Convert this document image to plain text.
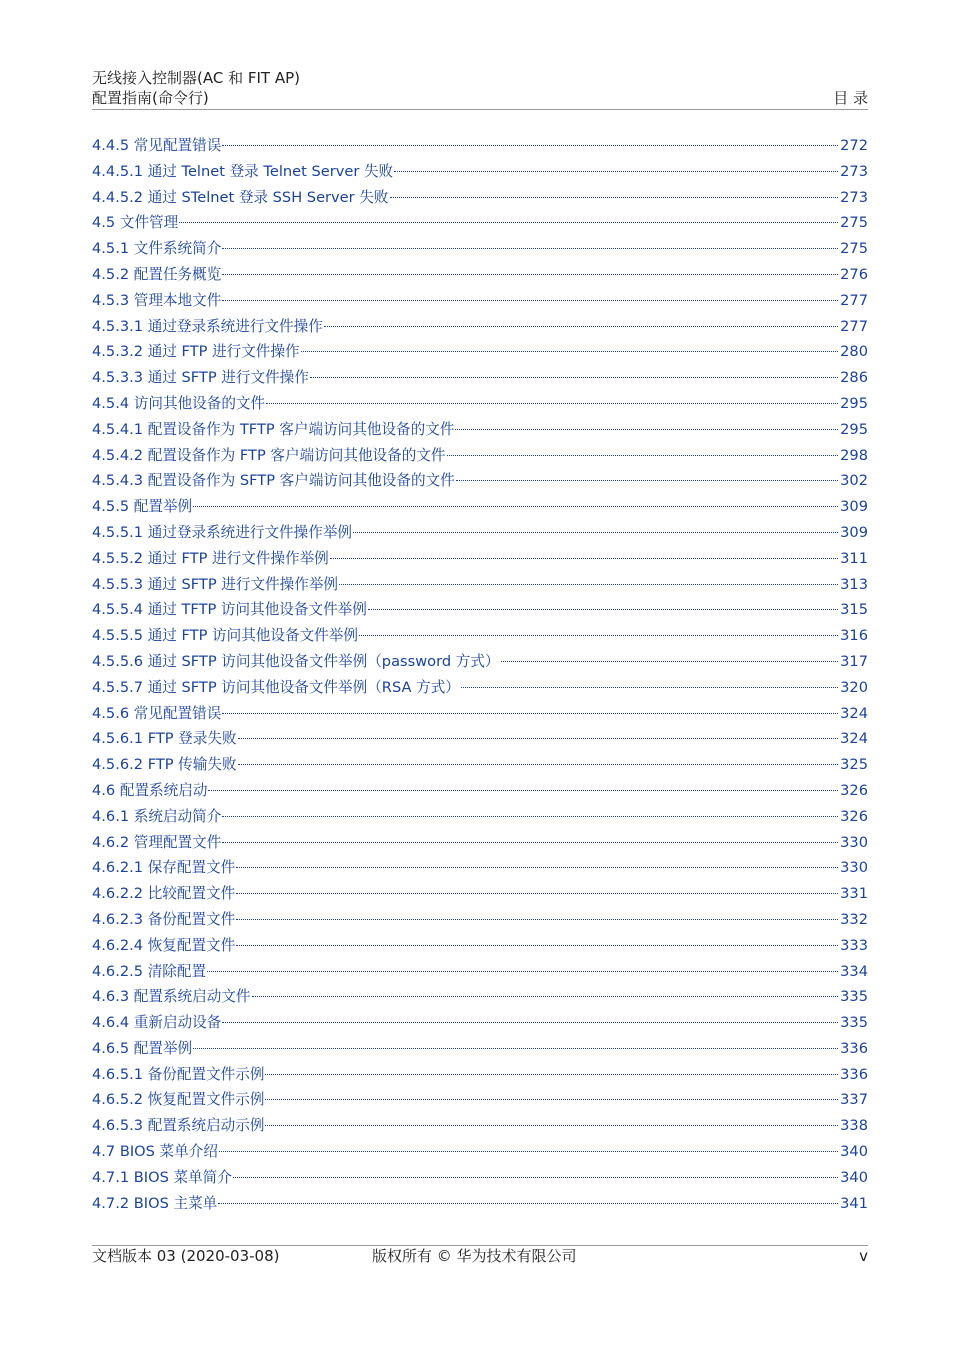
无线接入控制器(AC 和 FIT AP)
配置指南(命令行)	目 录
4.4.5 常见配置错误	272
4.4.5.1 通过 Telnet 登录 Telnet Server 失败	273
4.4.5.2 通过 STelnet 登录 SSH Server 失败	273
4.5 文件管理	275
4.5.1 文件系统简介	275
4.5.2 配置任务概览	276
4.5.3 管理本地文件	277
4.5.3.1 通过登录系统进行文件操作	277
4.5.3.2 通过 FTP 进行文件操作	280
4.5.3.3 通过 SFTP 进行文件操作	286
4.5.4 访问其他设备的文件	295
4.5.4.1 配置设备作为 TFTP 客户端访问其他设备的文件	295
4.5.4.2 配置设备作为 FTP 客户端访问其他设备的文件	298
4.5.4.3 配置设备作为 SFTP 客户端访问其他设备的文件	302
4.5.5 配置举例	309
4.5.5.1 通过登录系统进行文件操作举例	309
4.5.5.2 通过 FTP 进行文件操作举例	311
4.5.5.3 通过 SFTP 进行文件操作举例	313
4.5.5.4 通过 TFTP 访问其他设备文件举例	315
4.5.5.5 通过 FTP 访问其他设备文件举例	316
4.5.5.6 通过 SFTP 访问其他设备文件举例（password 方式）	317
4.5.5.7 通过 SFTP 访问其他设备文件举例（RSA 方式）	320
4.5.6 常见配置错误	324
4.5.6.1 FTP 登录失败	324
4.5.6.2 FTP 传输失败	325
4.6 配置系统启动	326
4.6.1 系统启动简介	326
4.6.2 管理配置文件	330
4.6.2.1 保存配置文件	330
4.6.2.2 比较配置文件	331
4.6.2.3 备份配置文件	332
4.6.2.4 恢复配置文件	333
4.6.2.5 清除配置	334
4.6.3 配置系统启动文件	335
4.6.4 重新启动设备	335
4.6.5 配置举例	336
4.6.5.1 备份配置文件示例	336
4.6.5.2 恢复配置文件示例	337
4.6.5.3 配置系统启动示例	338
4.7 BIOS 菜单介绍	340
4.7.1 BIOS 菜单简介	340
4.7.2 BIOS 主菜单	341
文档版本 03 (2020-03-08)	版权所有 © 华为技术有限公司	v
